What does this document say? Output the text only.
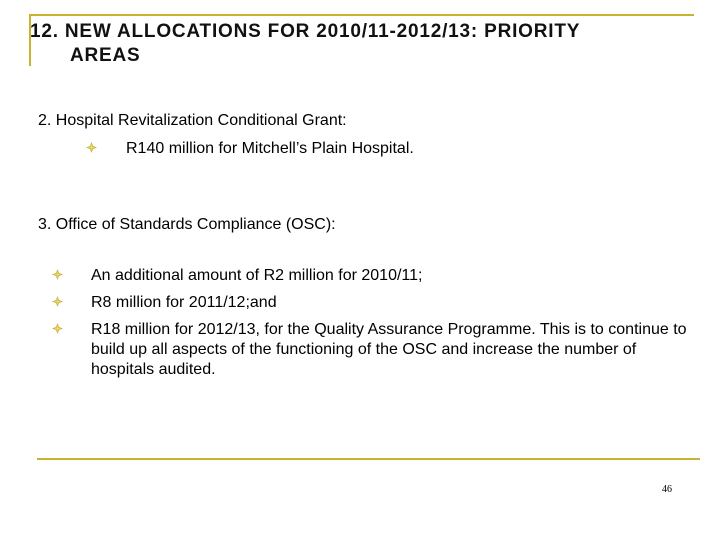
12. NEW ALLOCATIONS FOR 2010/11-2012/13: PRIORITY
AREAS
2. Hospital Revitalization Conditional Grant:
R140 million for Mitchell’s Plain Hospital.
3. Office of Standards Compliance (OSC):
An additional amount of R2 million for 2010/11;
R8 million for 2011/12;and
R18 million for 2012/13, for the Quality Assurance Programme. This is to continue to build up all aspects of the functioning of the OSC and increase the number of hospitals audited.
46
